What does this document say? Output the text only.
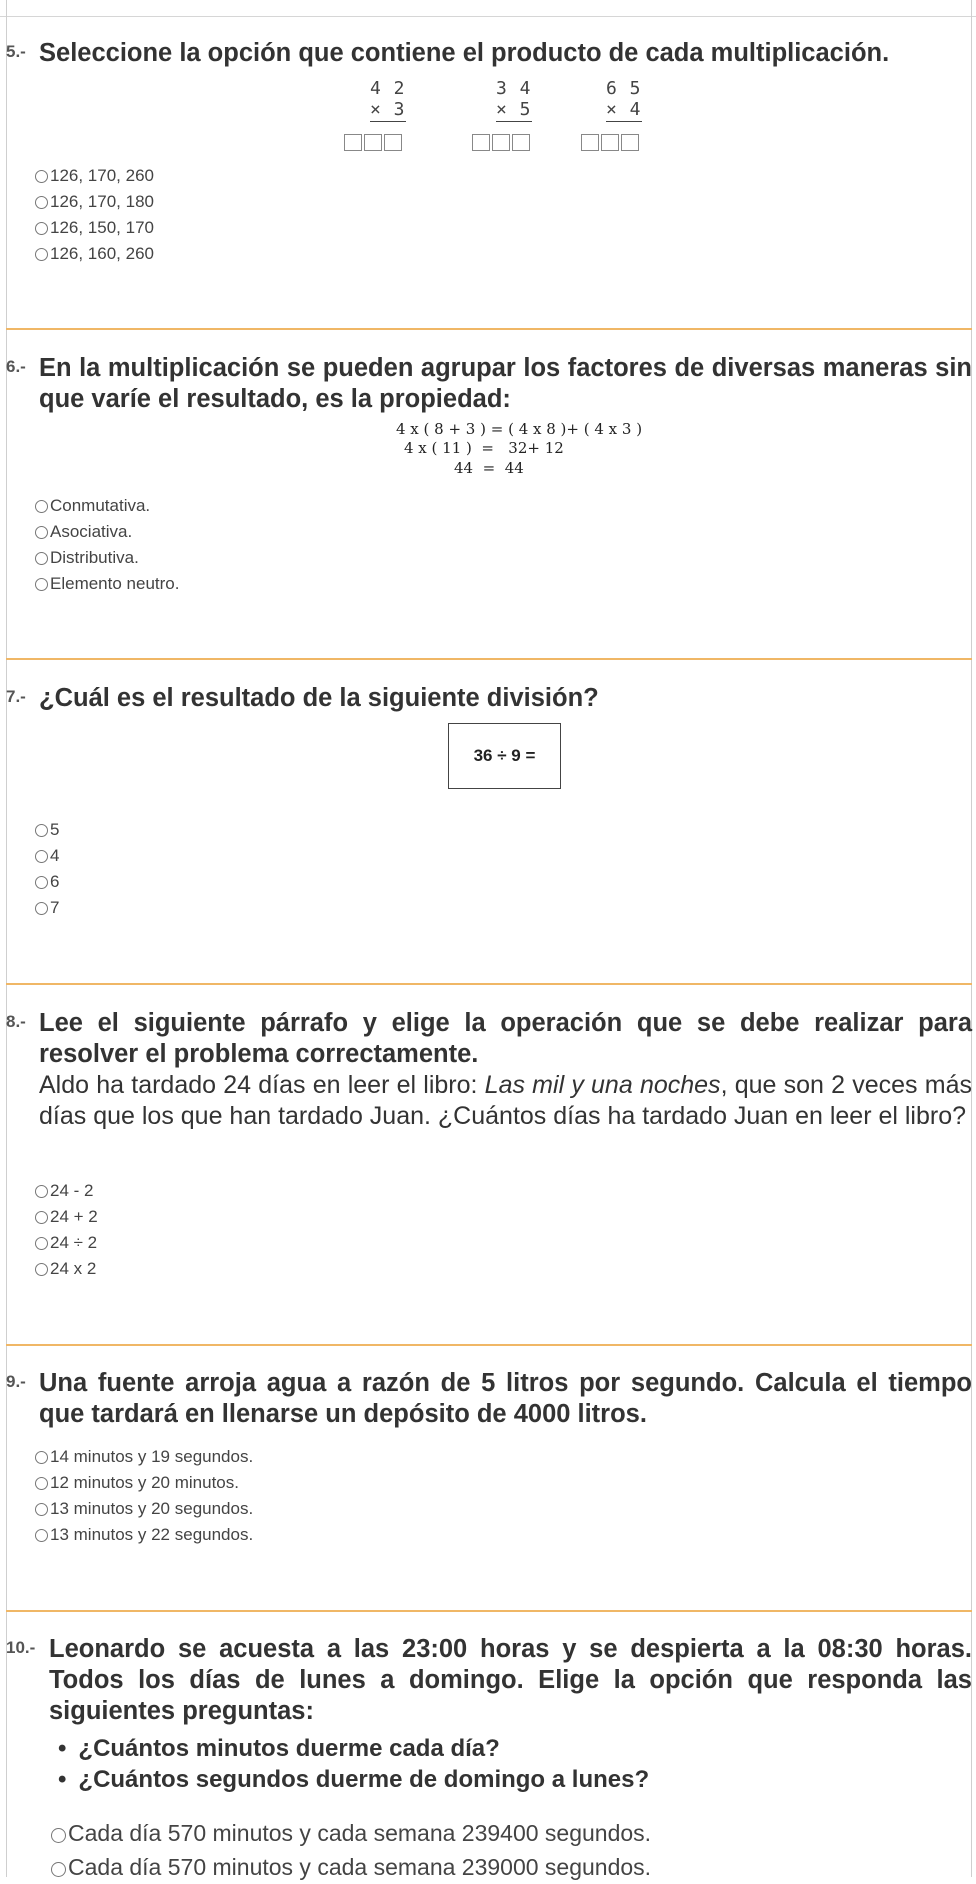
5.- Seleccione la opción que contiene el producto de cada multiplicación.
4 2
× 3
3 4
× 5
6 5
× 4
126, 170, 260
126, 170, 180
126, 150, 170
126, 160, 260
6.- En la multiplicación se pueden agrupar los factores de diversas maneras sin que varíe el resultado, es la propiedad:
4 x ( 8 + 3 ) = ( 4 x 8 )+ ( 4 x 3 )
4 x ( 11 )  =   32+ 12
44  =  44
Conmutativa.
Asociativa.
Distributiva.
Elemento neutro.
7.- ¿Cuál es el resultado de la siguiente división?
36 ÷ 9 =
5
4
6
7
8.- Lee el siguiente párrafo y elige la operación que se debe realizar para resolver el problema correctamente.
Aldo ha tardado 24 días en leer el libro: Las mil y una noches, que son 2 veces más días que los que han tardado Juan. ¿Cuántos días ha tardado Juan en leer el libro?
24 - 2
24 + 2
24 ÷ 2
24 x 2
9.- Una fuente arroja agua a razón de 5 litros por segundo. Calcula el tiempo que tardará en llenarse un depósito de 4000 litros.
14 minutos y 19 segundos.
12 minutos y 20 minutos.
13 minutos y 20 segundos.
13 minutos y 22 segundos.
10.- Leonardo se acuesta a las 23:00 horas y se despierta a la 08:30 horas. Todos los días de lunes a domingo. Elige la opción que responda las siguientes preguntas:
• ¿Cuántos minutos duerme cada día?
• ¿Cuántos segundos duerme de domingo a lunes?
Cada día 570 minutos y cada semana 239400 segundos.
Cada día 570 minutos y cada semana 239000 segundos.
